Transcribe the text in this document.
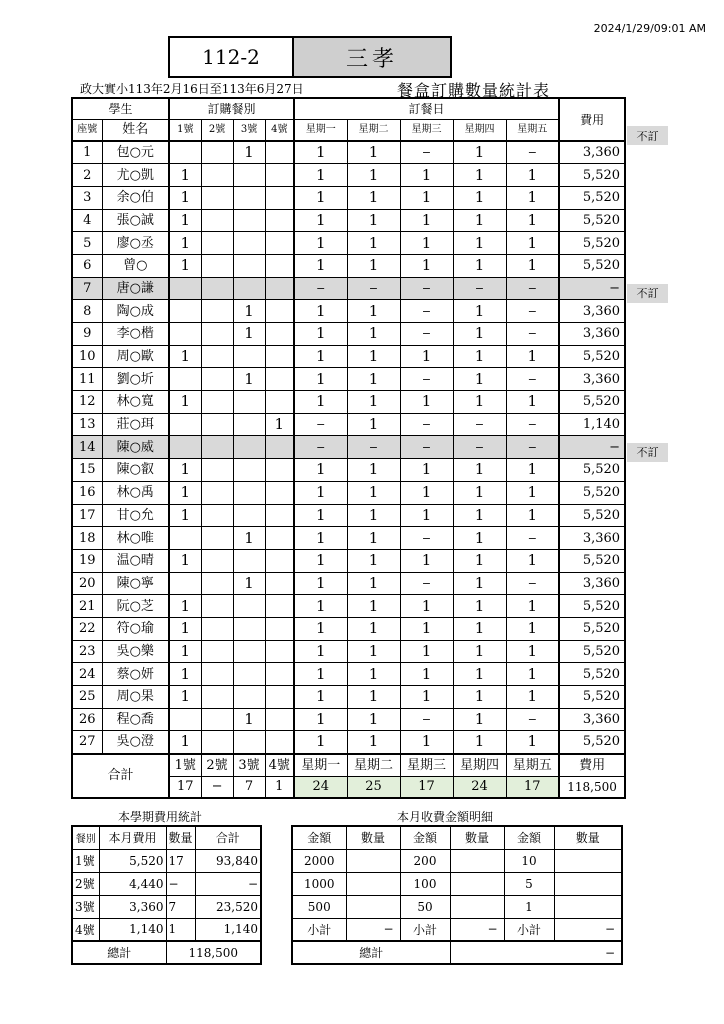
2024/1/29/09:01 AM
112-2	三孝
政大實小113年2月16日至113年6月27日	餐盒訂購數量統計表
學生		訂購餐別				訂餐日					費用
座號	姓名	1號	2號	3號	4號	星期一	星期二	星期三	星期四	星期五	
1	包○元			1		1	1	−	1	−	3,360
2	尤○凱	1				1	1	1	1	1	5,520
3	余○伯	1				1	1	1	1	1	5,520
4	張○誠	1				1	1	1	1	1	5,520
5	廖○丞	1				1	1	1	1	1	5,520
6	曾○	1				1	1	1	1	1	5,520
7	唐○謙					−	−	−	−	−	−
8	陶○成			1		1	1	−	1	−	3,360
9	李○楷			1		1	1	−	1	−	3,360
10	周○歐	1				1	1	1	1	1	5,520
11	劉○圻			1		1	1	−	1	−	3,360
12	林○寬	1				1	1	1	1	1	5,520
13	莊○珥				1	−	1	−	−	−	1,140
14	陳○威					−	−	−	−	−	−
15	陳○叡	1				1	1	1	1	1	5,520
16	林○禹	1				1	1	1	1	1	5,520
17	甘○允	1				1	1	1	1	1	5,520
18	林○唯			1		1	1	−	1	−	3,360
19	温○晴	1				1	1	1	1	1	5,520
20	陳○寧			1		1	1	−	1	−	3,360
21	阮○芝	1				1	1	1	1	1	5,520
22	符○瑜	1				1	1	1	1	1	5,520
23	吳○樂	1				1	1	1	1	1	5,520
24	蔡○妍	1				1	1	1	1	1	5,520
25	周○果	1				1	1	1	1	1	5,520
26	程○喬			1		1	1	−	1	−	3,360
27	吳○澄	1				1	1	1	1	1	5,520
合計		1號	2號	3號	4號	星期一	星期二	星期三	星期四	星期五	費用
		17	−	7	1	24	25	17	24	17	118,500
不訂
不訂
不訂
本學期費用統計
餐別	本月費用	數量	合計
1號	5,520	17	93,840
2號	4,440	−	−
3號	3,360	7	23,520
4號	1,140	1	1,140
總計		118,500	
本月收費金額明細
金額	數量	金額	數量	金額	數量
2000		200		10	
1000		100		5	
500		50		1	
小計	−	小計	−	小計	−
總計			−		
